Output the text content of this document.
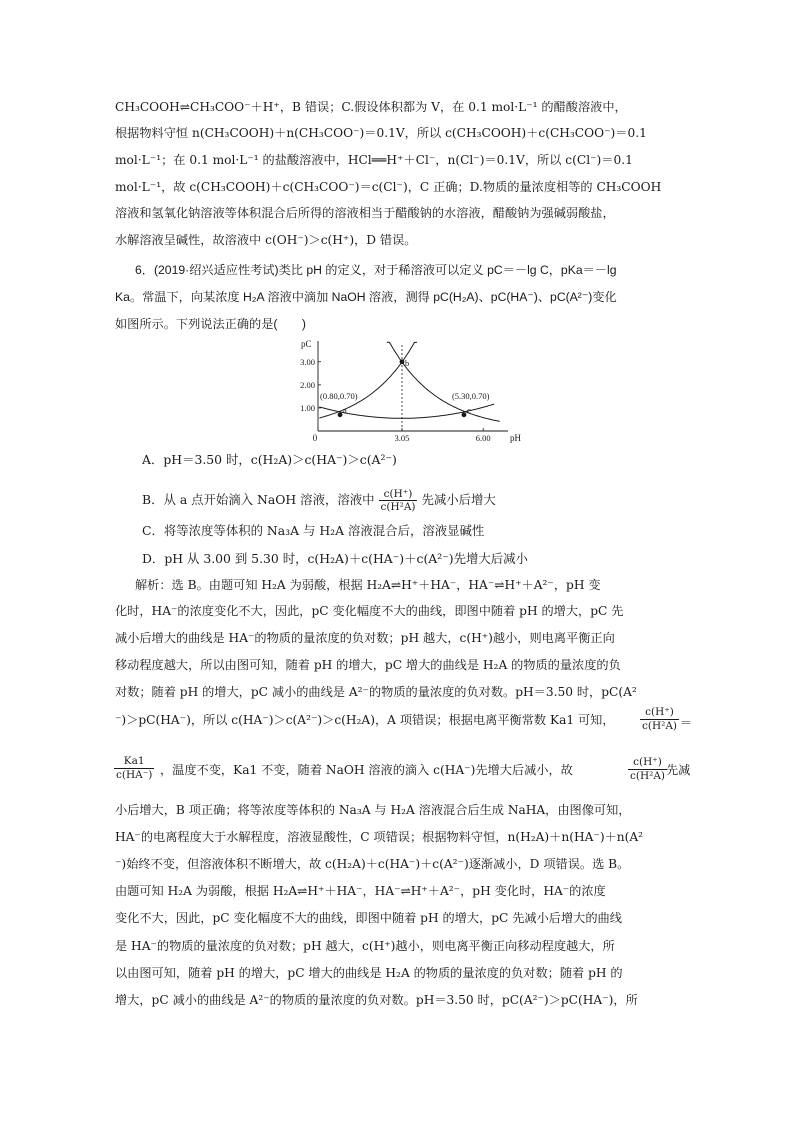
CH₃COOH⇌CH₃COO⁻＋H⁺，B 错误；C.假设体积都为 V，在 0.1 mol·L⁻¹ 的醋酸溶液中，
根据物料守恒 n(CH₃COOH)＋n(CH₃COO⁻)＝0.1V，所以 c(CH₃COOH)＋c(CH₃COO⁻)＝0.1
mol·L⁻¹；在 0.1 mol·L⁻¹ 的盐酸溶液中，HCl══H⁺＋Cl⁻，n(Cl⁻)＝0.1V，所以 c(Cl⁻)＝0.1
mol·L⁻¹，故 c(CH₃COOH)＋c(CH₃COO⁻)＝c(Cl⁻)，C 正确；D.物质的量浓度相等的 CH₃COOH
溶液和氢氧化钠溶液等体积混合后所得的溶液相当于醋酸钠的水溶液，醋酸钠为强碱弱酸盐，
水解溶液呈碱性，故溶液中 c(OH⁻)＞c(H⁺)，D 错误。
6．(2019·绍兴适应性考试)类比 pH 的定义，对于稀溶液可以定义 pC＝－lg C，pKa＝－lg
Ka。常温下，向某浓度 H₂A 溶液中滴加 NaOH 溶液，测得 pC(H₂A)、pC(HA⁻)、pC(A²⁻)变化
如图所示。下列说法正确的是(　　)
pH
pC
0
1.00
2.00
3.00
3.05	6.00
a
(0.80,0.70)
b
c
(5.30,0.70)
A．pH＝3.50 时，c(H₂A)＞c(HA⁻)＞c(A²⁻)
B．从 a 点开始滴入 NaOH 溶液，溶液中 $\frac{c(H^+)}{\text{c(H²A)}}$ 先减小后增大
C．将等浓度等体积的 Na₃A 与 H₂A 溶液混合后，溶液显碱性
D．pH 从 3.00 到 5.30 时，c(H₂A)＋c(HA⁻)＋c(A²⁻)先增大后减小
解析：选 B。由题可知 H₂A 为弱酸，根据 H₂A⇌H⁺＋HA⁻，HA⁻⇌H⁺＋A²⁻，pH 变
化时，HA⁻的浓度变化不大，因此，pC 变化幅度不大的曲线，即图中随着 pH 的增大，pC 先
减小后增大的曲线是 HA⁻的物质的量浓度的负对数；pH 越大，c(H⁺)越小，则电离平衡正向
移动程度越大，所以由图可知，随着 pH 的增大，pC 增大的曲线是 H₂A 的物质的量浓度的负
对数；随着 pH 的增大，pC 减小的曲线是 A²⁻的物质的量浓度的负对数。pH＝3.50 时，pC(A²
⁻)＞pC(HA⁻)，所以 c(HA⁻)＞c(A²⁻)＞c(H₂A)，A 项错误；根据电离平衡常数 Ka1 可知，	$\frac{c(H^+)}{\text{c(H²A)}}$ ＝
$\frac{Ka1}{c(HA^-)}$ ，温度不变，Ka1 不变，随着 NaOH 溶液的滴入 c(HA⁻)先增大后减小，故	$\frac{c(H^+)}{\text{c(H²A)}}$
先减
小后增大，B 项正确；将等浓度等体积的 Na₃A 与 H₂A 溶液混合后生成 NaHA，由图像可知，
HA⁻的电离程度大于水解程度，溶液显酸性，C 项错误；根据物料守恒，n(H₂A)＋n(HA⁻)＋n(A²
⁻)始终不变，但溶液体积不断增大，故 c(H₂A)＋c(HA⁻)＋c(A²⁻)逐渐减小，D 项错误。选 B。
由题可知 H₂A 为弱酸，根据 H₂A⇌H⁺＋HA⁻，HA⁻⇌H⁺＋A²⁻，pH 变化时，HA⁻的浓度
变化不大，因此，pC 变化幅度不大的曲线，即图中随着 pH 的增大，pC 先减小后增大的曲线
是 HA⁻的物质的量浓度的负对数；pH 越大，c(H⁺)越小，则电离平衡正向移动程度越大，所
以由图可知，随着 pH 的增大，pC 增大的曲线是 H₂A 的物质的量浓度的负对数；随着 pH 的
增大，pC 减小的曲线是 A²⁻的物质的量浓度的负对数。pH＝3.50 时，pC(A²⁻)＞pC(HA⁻)，所
